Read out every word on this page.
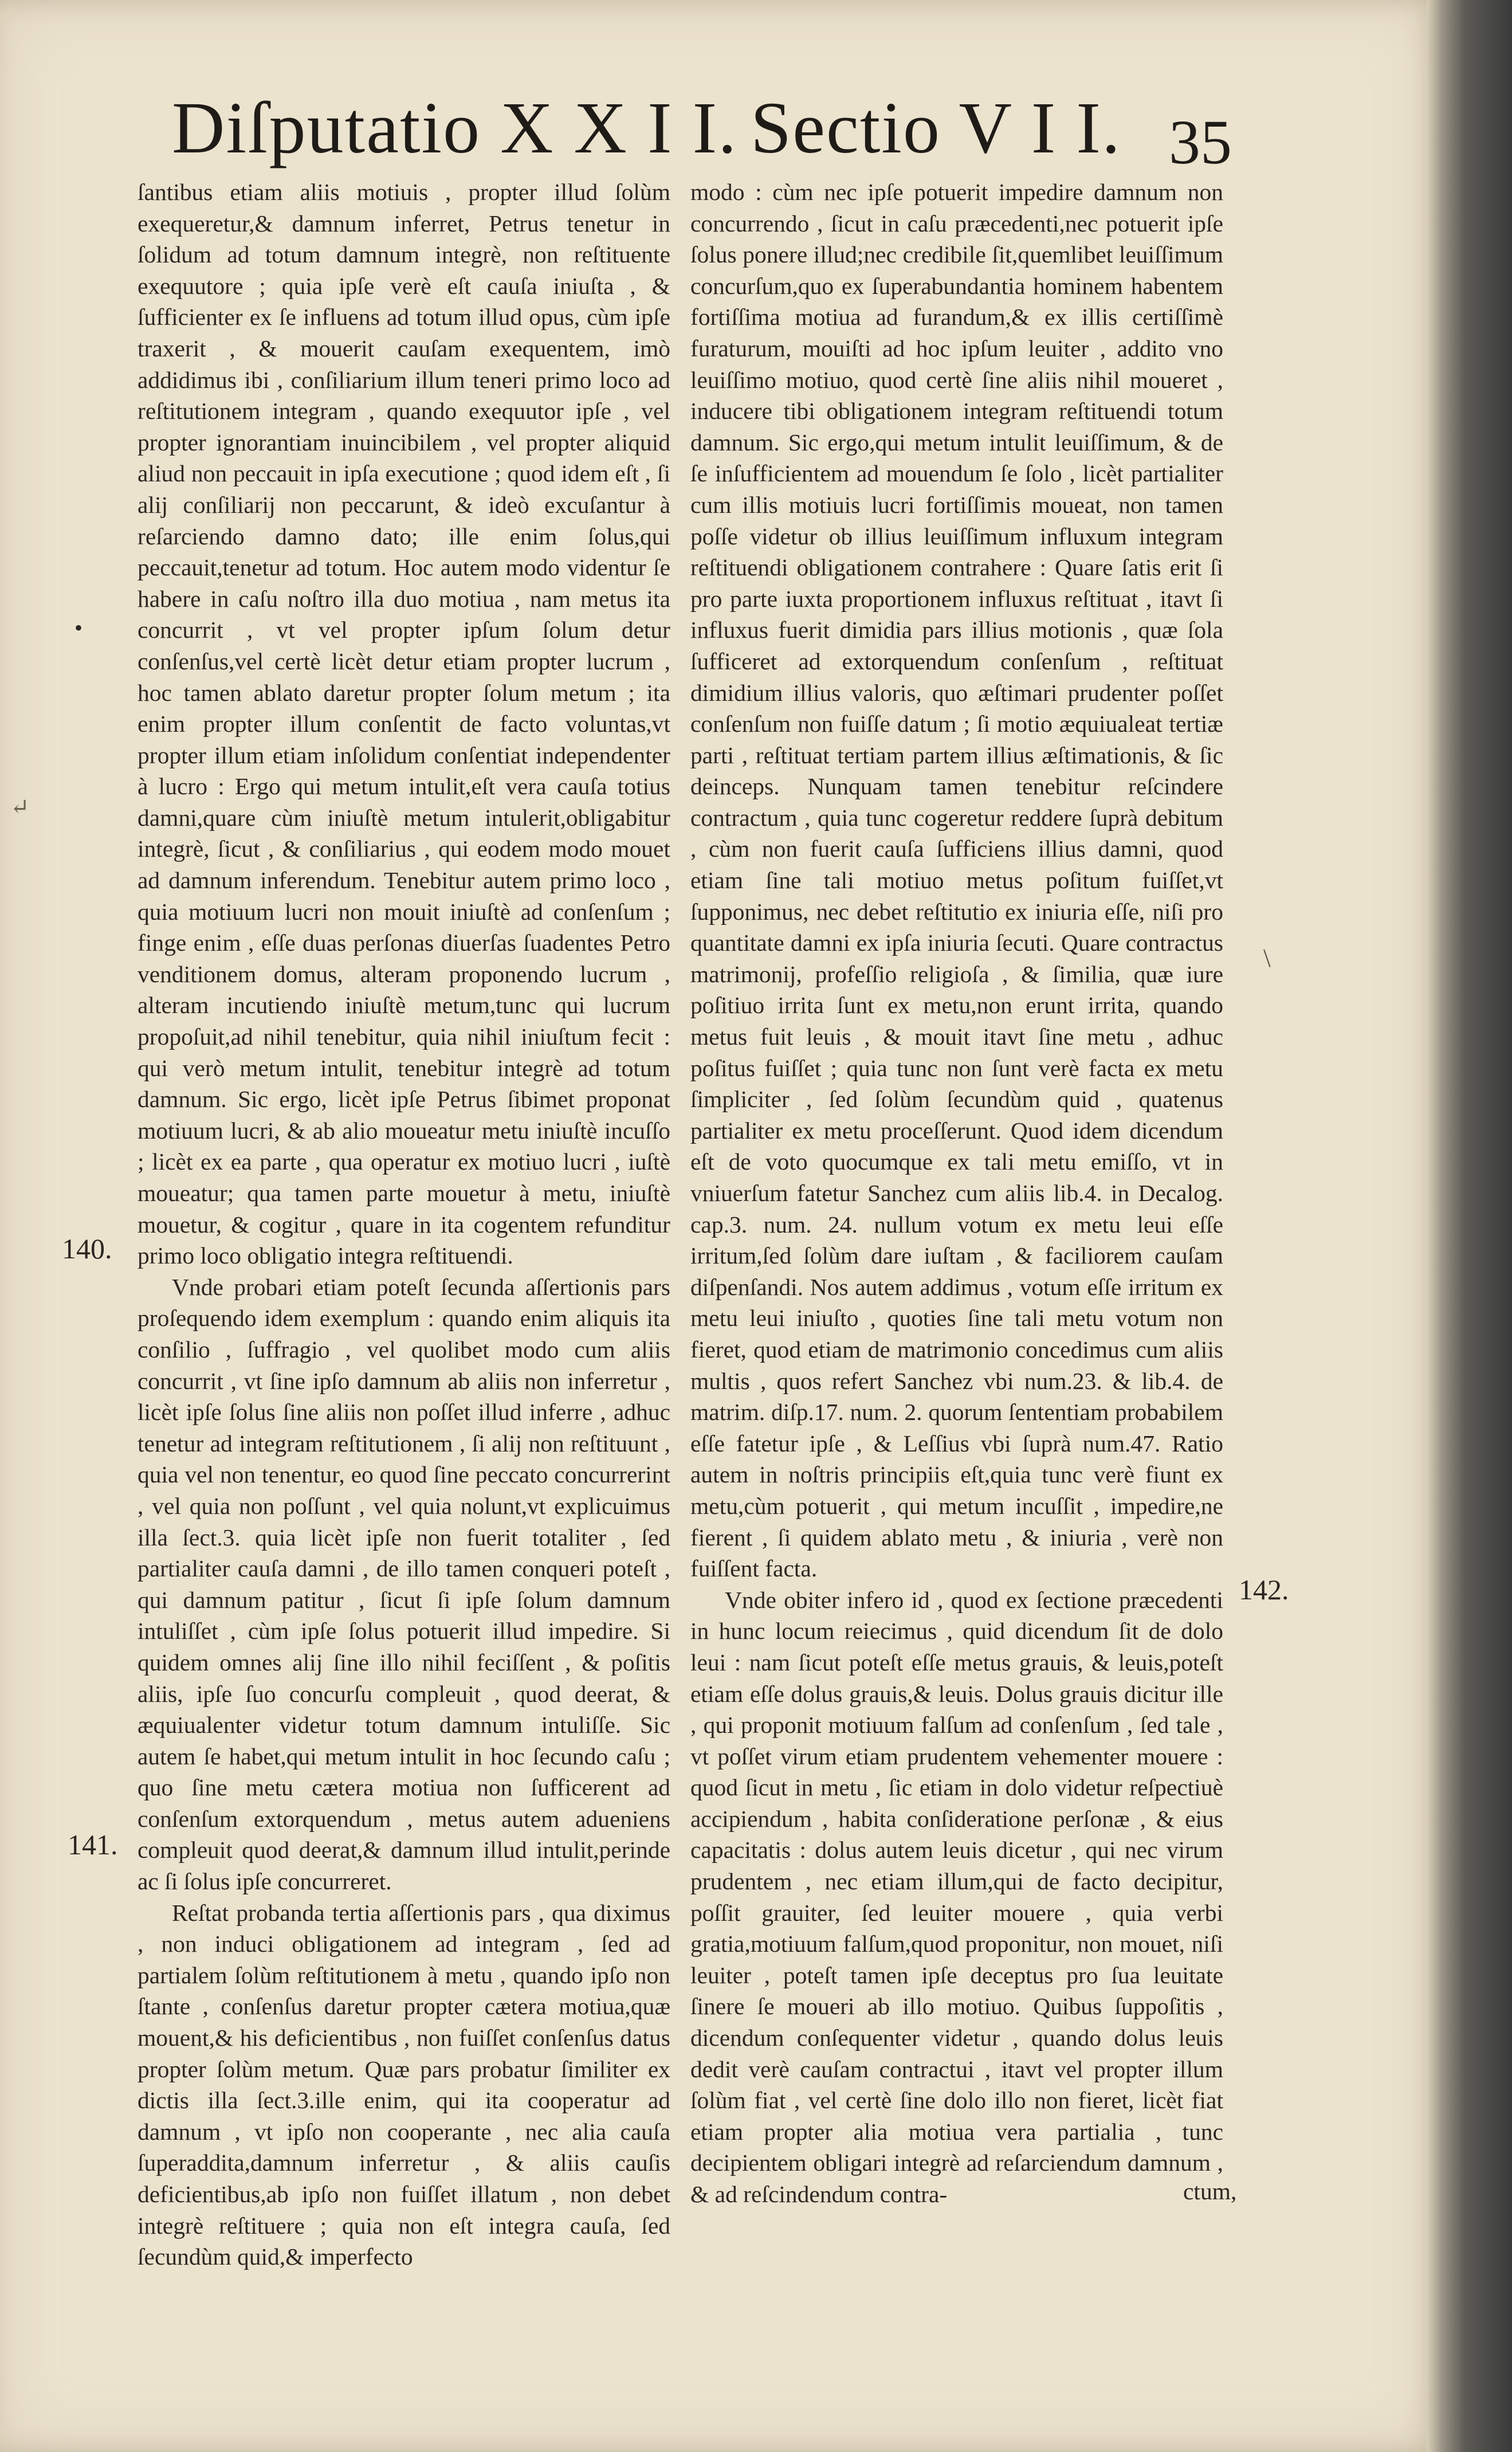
Diſputatio X X I I. Sectio V I I. 35
↵
•
\

ſantibus etiam aliis motiuis , propter illud ſolùm exequeretur,& damnum inferret, Petrus tenetur in ſolidum ad totum damnum integrè, non reſtituente exequutore ; quia ipſe verè eſt cauſa iniuſta , & ſufficienter ex ſe influens ad totum illud opus, cùm ipſe traxerit , & mouerit cauſam exequentem, imò addidimus ibi , conſiliarium illum teneri primo loco ad reſtitutionem integram , quando exequutor ipſe , vel propter ignorantiam inuincibilem , vel propter aliquid aliud non peccauit in ipſa executione ; quod idem eſt , ſi alij conſiliarij non peccarunt, & ideò excuſantur à reſarciendo damno dato; ille enim ſolus,qui peccauit,tenetur ad totum. Hoc autem modo videntur ſe habere in caſu noſtro illa duo motiua , nam metus ita concurrit , vt vel propter ipſum ſolum detur conſenſus,vel certè licèt detur etiam propter lucrum , hoc tamen ablato daretur propter ſolum metum ; ita enim propter illum conſentit de facto voluntas,vt propter illum etiam inſolidum conſentiat independenter à lucro : Ergo qui metum intulit,eſt vera cauſa totius damni,quare cùm iniuſtè metum intulerit,obligabitur integrè, ſicut , & conſiliarius , qui eodem modo mouet ad damnum inferendum. Tenebitur autem primo loco , quia motiuum lucri non mouit iniuſtè ad conſenſum ; finge enim , eſſe duas perſonas diuerſas ſuadentes Petro venditionem domus, alteram proponendo lucrum , alteram incutiendo iniuſtè metum,tunc qui lucrum propoſuit,ad nihil tenebitur, quia nihil iniuſtum fecit : qui verò metum intulit, tenebitur integrè ad totum damnum. Sic ergo, licèt ipſe Petrus ſibimet proponat motiuum lucri, & ab alio moueatur metu iniuſtè incuſſo ; licèt ex ea parte , qua operatur ex motiuo lucri , iuſtè moueatur; qua tamen parte mouetur à metu, iniuſtè mouetur, & cogitur , quare in ita cogentem refunditur primo loco obligatio integra reſtituendi.

Vnde probari etiam poteſt ſecunda aſſertionis pars proſequendo idem exemplum : quando enim aliquis ita conſilio , ſuffragio , vel quolibet modo cum aliis concurrit , vt ſine ipſo damnum ab aliis non inferretur , licèt ipſe ſolus ſine aliis non poſſet illud inferre , adhuc tenetur ad integram reſtitutionem , ſi alij non reſtituunt , quia vel non tenentur, eo quod ſine peccato concurrerint , vel quia non poſſunt , vel quia nolunt,vt explicuimus illa ſect.3. quia licèt ipſe non fuerit totaliter , ſed partialiter cauſa damni , de illo tamen conqueri poteſt , qui damnum patitur , ſicut ſi ipſe ſolum damnum intuliſſet , cùm ipſe ſolus potuerit illud impedire. Si quidem omnes alij ſine illo nihil feciſſent , & poſitis aliis, ipſe ſuo concurſu compleuit , quod deerat, & æquiualenter videtur totum damnum intuliſſe. Sic autem ſe habet,qui metum intulit in hoc ſecundo caſu ; quo ſine metu cætera motiua non ſufficerent ad conſenſum extorquendum , metus autem adueniens compleuit quod deerat,& damnum illud intulit,perinde ac ſi ſolus ipſe concurreret.

Reſtat probanda tertia aſſertionis pars , qua diximus , non induci obligationem ad integram , ſed ad partialem ſolùm reſtitutionem à metu , quando ipſo non ſtante , conſenſus daretur propter cætera motiua,quæ mouent,& his deficientibus , non fuiſſet conſenſus datus propter ſolùm metum. Quæ pars probatur ſimiliter ex dictis illa ſect.3.ille enim, qui ita cooperatur ad damnum , vt ipſo non cooperante , nec alia cauſa ſuperaddita,damnum inferretur , & aliis cauſis deficientibus,ab ipſo non fuiſſet illatum , non debet integrè reſtituere ; quia non eſt integra cauſa, ſed ſecundùm quid,& imperfecto

140.
141.

modo : cùm nec ipſe potuerit impedire damnum non concurrendo , ſicut in caſu præcedenti,nec potuerit ipſe ſolus ponere illud;nec credibile ſit,quemlibet leuiſſimum concurſum,quo ex ſuperabundantia hominem habentem fortiſſima motiua ad furandum,& ex illis certiſſimè furaturum, mouiſti ad hoc ipſum leuiter , addito vno leuiſſimo motiuo, quod certè ſine aliis nihil moueret , inducere tibi obligationem integram reſtituendi totum damnum. Sic ergo,qui metum intulit leuiſſimum, & de ſe inſufficientem ad mouendum ſe ſolo , licèt partialiter cum illis motiuis lucri fortiſſimis moueat, non tamen poſſe videtur ob illius leuiſſimum influxum integram reſtituendi obligationem contrahere : Quare ſatis erit ſi pro parte iuxta proportionem influxus reſtituat , itavt ſi influxus fuerit dimidia pars illius motionis , quæ ſola ſufficeret ad extorquendum conſenſum , reſtituat dimidium illius valoris, quo æſtimari prudenter poſſet conſenſum non fuiſſe datum ; ſi motio æquiualeat tertiæ parti , reſtituat tertiam partem illius æſtimationis, & ſic deinceps. Nunquam tamen tenebitur reſcindere contractum , quia tunc cogeretur reddere ſuprà debitum , cùm non fuerit cauſa ſufficiens illius damni, quod etiam ſine tali motiuo metus poſitum fuiſſet,vt ſupponimus, nec debet reſtitutio ex iniuria eſſe, niſi pro quantitate damni ex ipſa iniuria ſecuti. Quare contractus matrimonij, profeſſio religioſa , & ſimilia, quæ iure poſitiuo irrita ſunt ex metu,non erunt irrita, quando metus fuit leuis , & mouit itavt ſine metu , adhuc poſitus fuiſſet ; quia tunc non ſunt verè facta ex metu ſimpliciter , ſed ſolùm ſecundùm quid , quatenus partialiter ex metu proceſſerunt. Quod idem dicendum eſt de voto quocumque ex tali metu emiſſo, vt in vniuerſum fatetur Sanchez cum aliis lib.4. in Decalog. cap.3. num. 24. nullum votum ex metu leui eſſe irritum,ſed ſolùm dare iuſtam , & faciliorem cauſam diſpenſandi. Nos autem addimus , votum eſſe irritum ex metu leui iniuſto , quoties ſine tali metu votum non fieret, quod etiam de matrimonio concedimus cum aliis multis , quos refert Sanchez vbi num.23. & lib.4. de matrim. diſp.17. num. 2. quorum ſententiam probabilem eſſe fatetur ipſe , & Leſſius vbi ſuprà num.47. Ratio autem in noſtris principiis eſt,quia tunc verè fiunt ex metu,cùm potuerit , qui metum incuſſit , impedire,ne fierent , ſi quidem ablato metu , & iniuria , verè non fuiſſent facta.

Vnde obiter infero id , quod ex ſectione præcedenti in hunc locum reiecimus , quid dicendum ſit de dolo leui : nam ſicut poteſt eſſe metus grauis, & leuis,poteſt etiam eſſe dolus grauis,& leuis. Dolus grauis dicitur ille , qui proponit motiuum falſum ad conſenſum , ſed tale , vt poſſet virum etiam prudentem vehementer mouere : quod ſicut in metu , ſic etiam in dolo videtur reſpectiuè accipiendum , habita conſideratione perſonæ , & eius capacitatis : dolus autem leuis dicetur , qui nec virum prudentem , nec etiam illum,qui de facto decipitur, poſſit grauiter, ſed leuiter mouere , quia verbi gratia,motiuum falſum,quod proponitur, non mouet, niſi leuiter , poteſt tamen ipſe deceptus pro ſua leuitate ſinere ſe moueri ab illo motiuo. Quibus ſuppoſitis , dicendum conſequenter videtur , quando dolus leuis dedit verè cauſam contractui , itavt vel propter illum ſolùm fiat , vel certè ſine dolo illo non fieret, licèt fiat etiam propter alia motiua vera partialia , tunc decipientem obligari integrè ad reſarciendum damnum , & ad reſcindendum contra-

142.
ctum,
